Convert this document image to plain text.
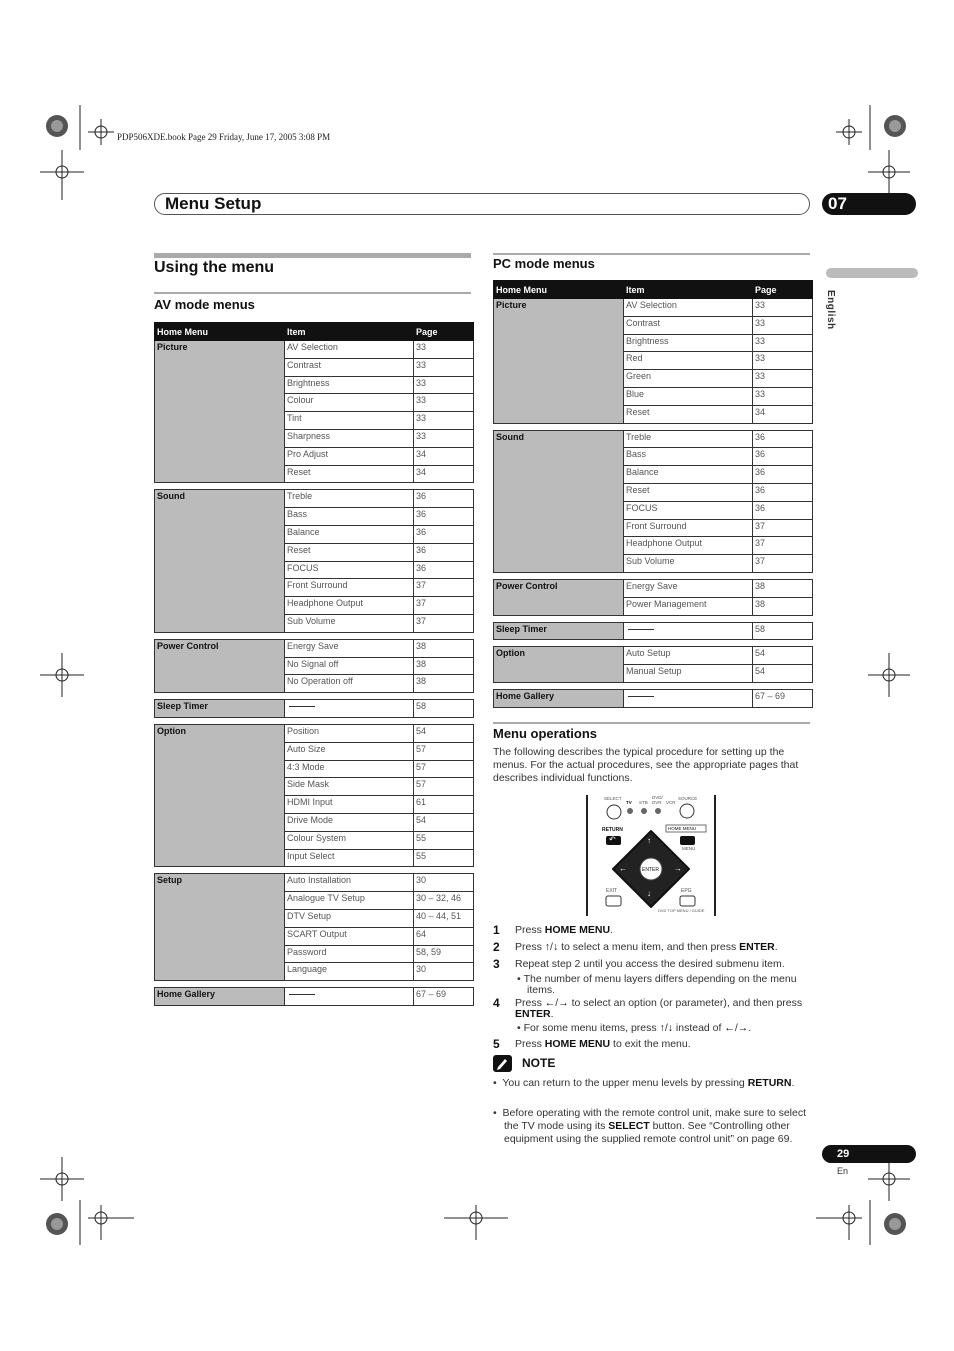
PDP506XDE.book Page 29 Friday, June 17, 2005 3:08 PM
Menu Setup	07
English
Using the menu
AV mode menus
Home Menu	Item	Page
Picture	AV Selection	33
	Contrast	33
	Brightness	33
	Colour	33
	Tint	33
	Sharpness	33
	Pro Adjust	34
	Reset	34

Sound	Treble	36
	Bass	36
	Balance	36
	Reset	36
	FOCUS	36
	Front Surround	37
	Headphone Output	37
	Sub Volume	37

Power Control	Energy Save	38
	No Signal off	38
	No Operation off	38

Sleep Timer		58

Option	Position	54
	Auto Size	57
	4:3 Mode	57
	Side Mask	57
	HDMI Input	61
	Drive Mode	54
	Colour System	55
	Input Select	55

Setup	Auto Installation	30
	Analogue TV Setup	30 – 32, 46
	DTV Setup	40 – 44, 51
	SCART Output	64
	Password	58, 59
	Language	30

Home Gallery		67 – 69
PC mode menus
Home Menu	Item	Page
Picture	AV Selection	33
	Contrast	33
	Brightness	33
	Red	33
	Green	33
	Blue	33
	Reset	34

Sound	Treble	36
	Bass	36
	Balance	36
	Reset	36
	FOCUS	36
	Front Surround	37
	Headphone Output	37
	Sub Volume	37

Power Control	Energy Save	38
	Power Management	38

Sleep Timer		58

Option	Auto Setup	54
	Manual Setup	54

Home Gallery		67 – 69
Menu operations
The following describes the typical procedure for setting up the menus. For the actual procedures, see the appropriate pages that describes individual functions.
SELECT
TV STB
DVD/
DVR VCR
SOURCE
RETURN
↶
HOME MENU
MENU
ENTER
↑
↓
←	→
EXIT	EPG
DVD TOP MENU / GUIDE
1 Press HOME MENU.
2 Press ↑/↓ to select a menu item, and then press ENTER.
3 Repeat step 2 until you access the desired submenu item.
• The number of menu layers differs depending on the menu items.
4 Press ←/→ to select an option (or parameter), and then press ENTER.
• For some menu items, press ↑/↓ instead of ←/→.
5 Press HOME MENU to exit the menu.
NOTE
•  You can return to the upper menu levels by pressing RETURN.
•  Before operating with the remote control unit, make sure to select the TV mode using its SELECT button. See “Controlling other equipment using the supplied remote control unit” on page 69.
29
En
